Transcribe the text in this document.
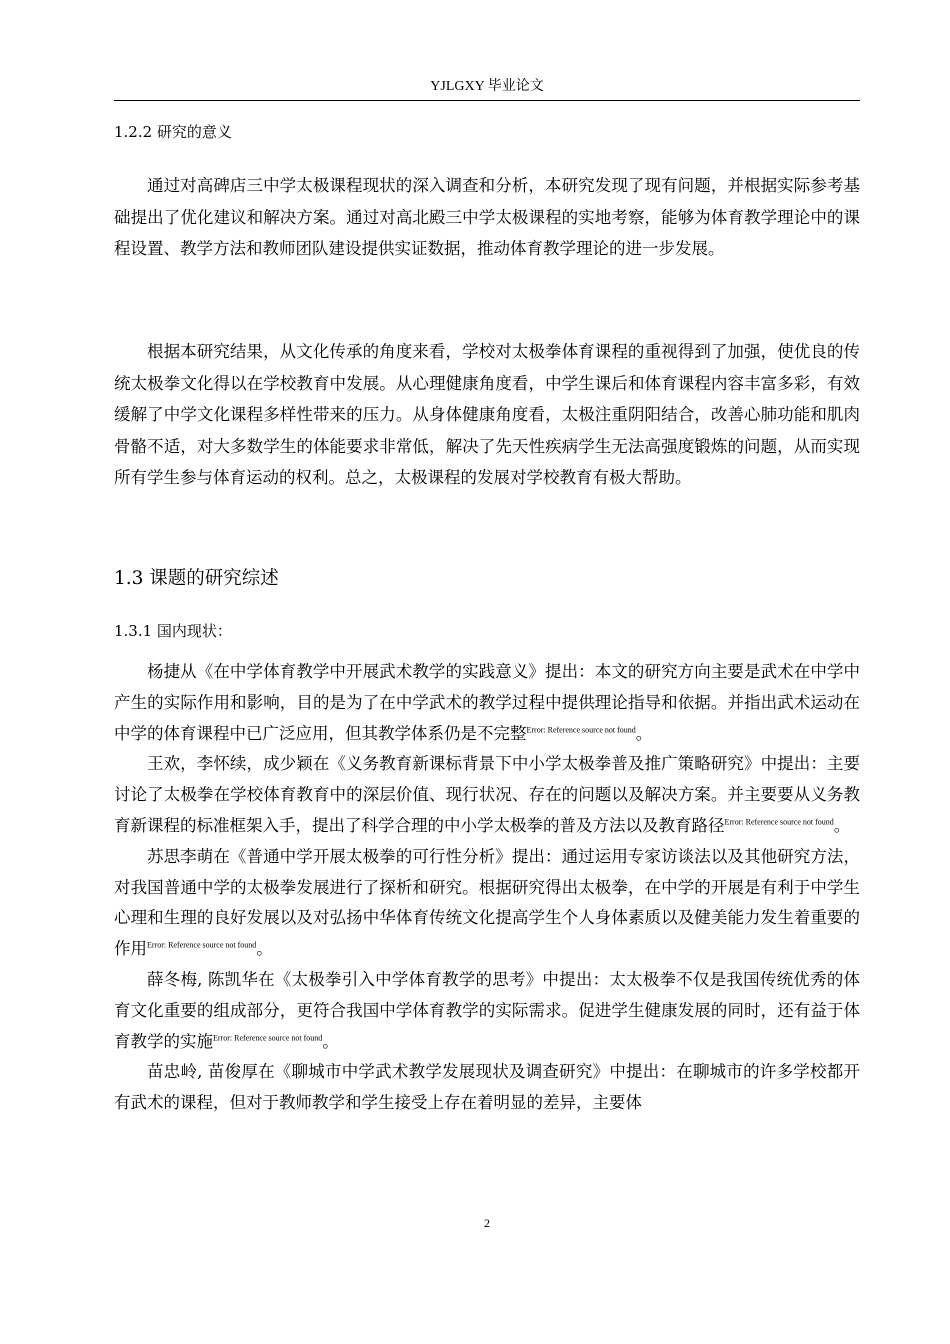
YJLGXY 毕业论文
1.2.2 研究的意义
通过对高碑店三中学太极课程现状的深入调查和分析，本研究发现了现有问题，并根据实际参考基础提出了优化建议和解决方案。通过对高北殿三中学太极课程的实地考察，能够为体育教学理论中的课程设置、教学方法和教师团队建设提供实证数据，推动体育教学理论的进一步发展。
根据本研究结果，从文化传承的角度来看，学校对太极拳体育课程的重视得到了加强，使优良的传统太极拳文化得以在学校教育中发展。从心理健康角度看，中学生课后和体育课程内容丰富多彩，有效缓解了中学文化课程多样性带来的压力。从身体健康角度看，太极注重阴阳结合，改善心肺功能和肌肉骨骼不适，对大多数学生的体能要求非常低，解决了先天性疾病学生无法高强度锻炼的问题，从而实现所有学生参与体育运动的权利。总之，太极课程的发展对学校教育有极大帮助。
1.3 课题的研究综述
1.3.1 国内现状：

杨捷从《在中学体育教学中开展武术教学的实践意义》提出：本文的研究方向主要是武术在中学中产生的实际作用和影响，目的是为了在中学武术的教学过程中提供理论指导和依据。并指出武术运动在中学的体育课程中已广泛应用，但其教学体系仍是不完整$^{Error: Reference source not found}$。

王欢，李怀续，成少颖在《义务教育新课标背景下中小学太极拳普及推广策略研究》中提出：主要讨论了太极拳在学校体育教育中的深层价值、现行状况、存在的问题以及解决方案。并主要要从义务教育新课程的标准框架入手，提出了科学合理的中小学太极拳的普及方法以及教育路径$^{Error: Reference source not found}$。

苏思李萌在《普通中学开展太极拳的可行性分析》提出：通过运用专家访谈法以及其他研究方法，对我国普通中学的太极拳发展进行了探析和研究。根据研究得出太极拳，在中学的开展是有利于中学生心理和生理的良好发展以及对弘扬中华体育传统文化提高学生个人身体素质以及健美能力发生着重要的作用$^{Error: Reference source not found}$。

薛冬梅, 陈凯华在《太极拳引入中学体育教学的思考》中提出：太太极拳不仅是我国传统优秀的体育文化重要的组成部分，更符合我国中学体育教学的实际需求。促进学生健康发展的同时，还有益于体育教学的实施$^{Error: Reference source not found}$。

苗忠岭, 苗俊厚在《聊城市中学武术教学发展现状及调查研究》中提出：在聊城市的许多学校都开有武术的课程，但对于教师教学和学生接受上存在着明显的差异，主要体

2
